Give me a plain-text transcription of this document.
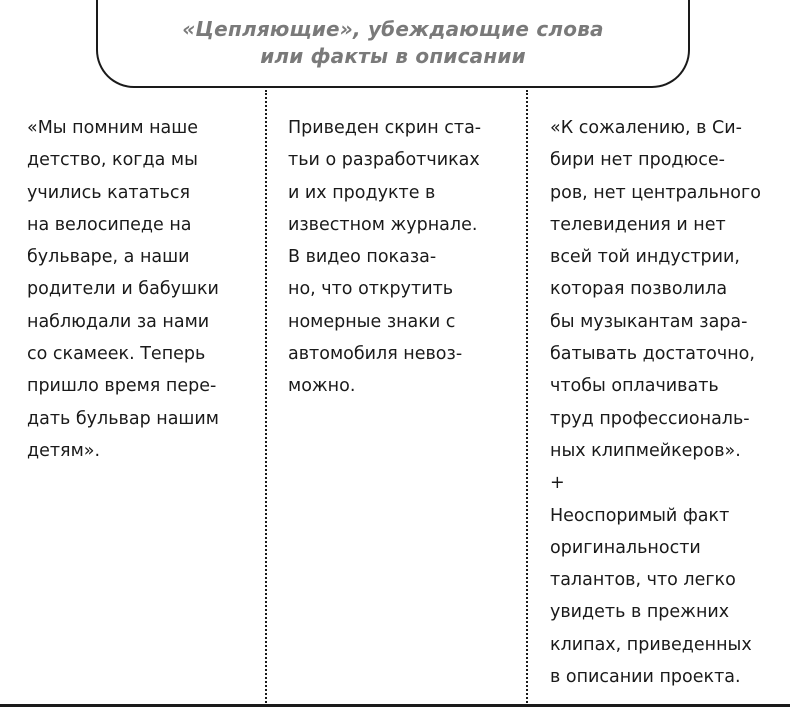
«Цепляющие», убеждающие слова
или факты в описании
«Мы помним наше
детство, когда мы
учились кататься
на велосипеде на
бульваре, а наши
родители и бабушки
наблюдали за нами
со скамеек. Теперь
пришло время пере-
дать бульвар нашим
детям».
Приведен скрин ста-
тьи о разработчиках
и их продукте в
известном журнале.
В видео показа-
но, что открутить
номерные знаки с
автомобиля невоз-
можно.
«К сожалению, в Си-
бири нет продюсе-
ров, нет центрального
телевидения и нет
всей той индустрии,
которая позволила
бы музыкантам зара-
батывать достаточно,
чтобы оплачивать
труд профессиональ-
ных клипмейкеров».
+
Неоспоримый факт
оригинальности
талантов, что легко
увидеть в прежних
клипах, приведенных
в описании проекта.
